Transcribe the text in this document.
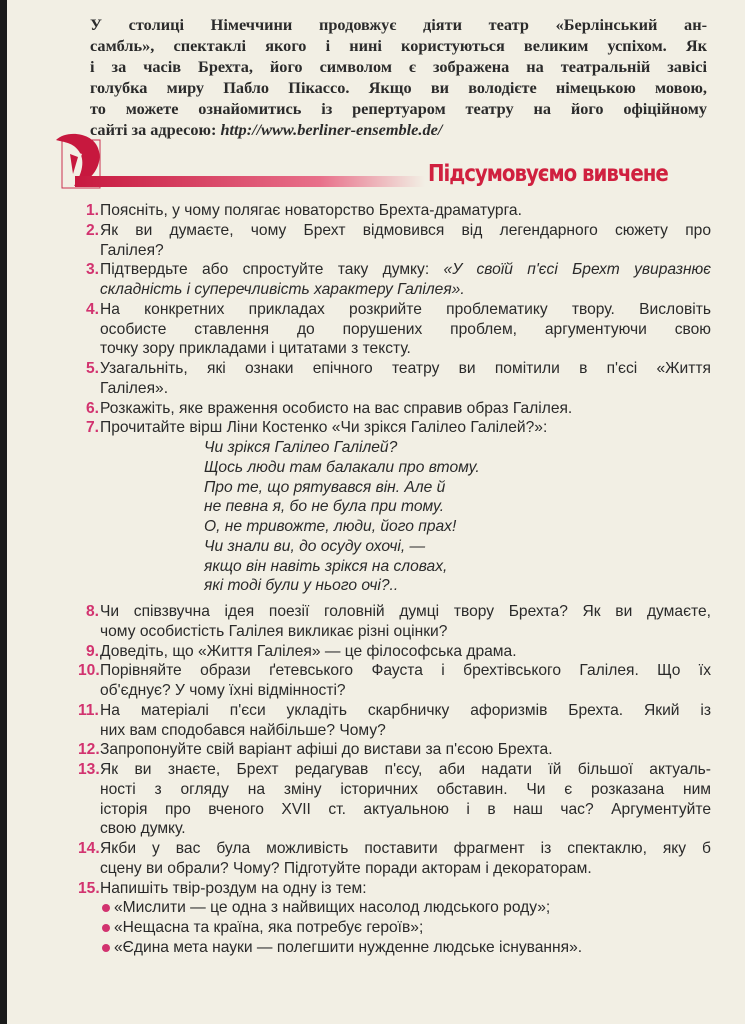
У столиці Німеччини продовжує діяти театр «Берлінський ан-
самбль», спектаклі якого і нині користуються великим успіхом. Як
і за часів Брехта, його символом є зображена на театральній завісі
голубка миру Пабло Пікассо. Якщо ви володієте німецькою мовою,
то можете ознайомитись із репертуаром театру на його офіційному
сайті за адресою: http://www.berliner-ensemble.de/
Підсумовуємо вивчене
1. Поясніть, у чому полягає новаторство Брехта-драматурга.
2. Як ви думаєте, чому Брехт відмовився від легендарного сюжету про
Галілея?
3. Підтвердьте або спростуйте таку думку: «У своїй п'єсі Брехт увиразнює
складність і суперечливість характеру Галілея».
4. На конкретних прикладах розкрийте проблематику твору. Висловіть
особисте ставлення до порушених проблем, аргументуючи свою
точку зору прикладами і цитатами з тексту.
5. Узагальніть, які ознаки епічного театру ви помітили в п'єсі «Життя
Галілея».
6. Розкажіть, яке враження особисто на вас справив образ Галілея.
7. Прочитайте вірш Ліни Костенко «Чи зрікся Галілео Галілей?»:
Чи зрікся Галілео Галілей?
Щось люди там балакали про втому.
Про те, що рятувався він. Але й
не певна я, бо не була при тому.
О, не тривожте, люди, його прах!
Чи знали ви, до осуду охочі, —
якщо він навіть зрікся на словах,
які тоді були у нього очі?..
8. Чи співзвучна ідея поезії головній думці твору Брехта? Як ви думаєте,
чому особистість Галілея викликає різні оцінки?
9. Доведіть, що «Життя Галілея» — це філософська драма.
10. Порівняйте образи ґетевського Фауста і брехтівського Галілея. Що їх
об'єднує? У чому їхні відмінності?
11. На матеріалі п'єси укладіть скарбничку афоризмів Брехта. Який із
них вам сподобався найбільше? Чому?
12. Запропонуйте свій варіант афіші до вистави за п'єсою Брехта.
13. Як ви знаєте, Брехт редагував п'єсу, аби надати їй більшої актуаль-
ності з огляду на зміну історичних обставин. Чи є розказана ним
історія про вченого XVII ст. актуальною і в наш час? Аргументуйте
свою думку.
14. Якби у вас була можливість поставити фрагмент із спектаклю, яку б
сцену ви обрали? Чому? Підготуйте поради акторам і декораторам.
15. Напишіть твір-роздум на одну із тем:
«Мислити — це одна з найвищих насолод людського роду»;
«Нещасна та країна, яка потребує героїв»;
«Єдина мета науки — полегшити нужденне людське існування».
